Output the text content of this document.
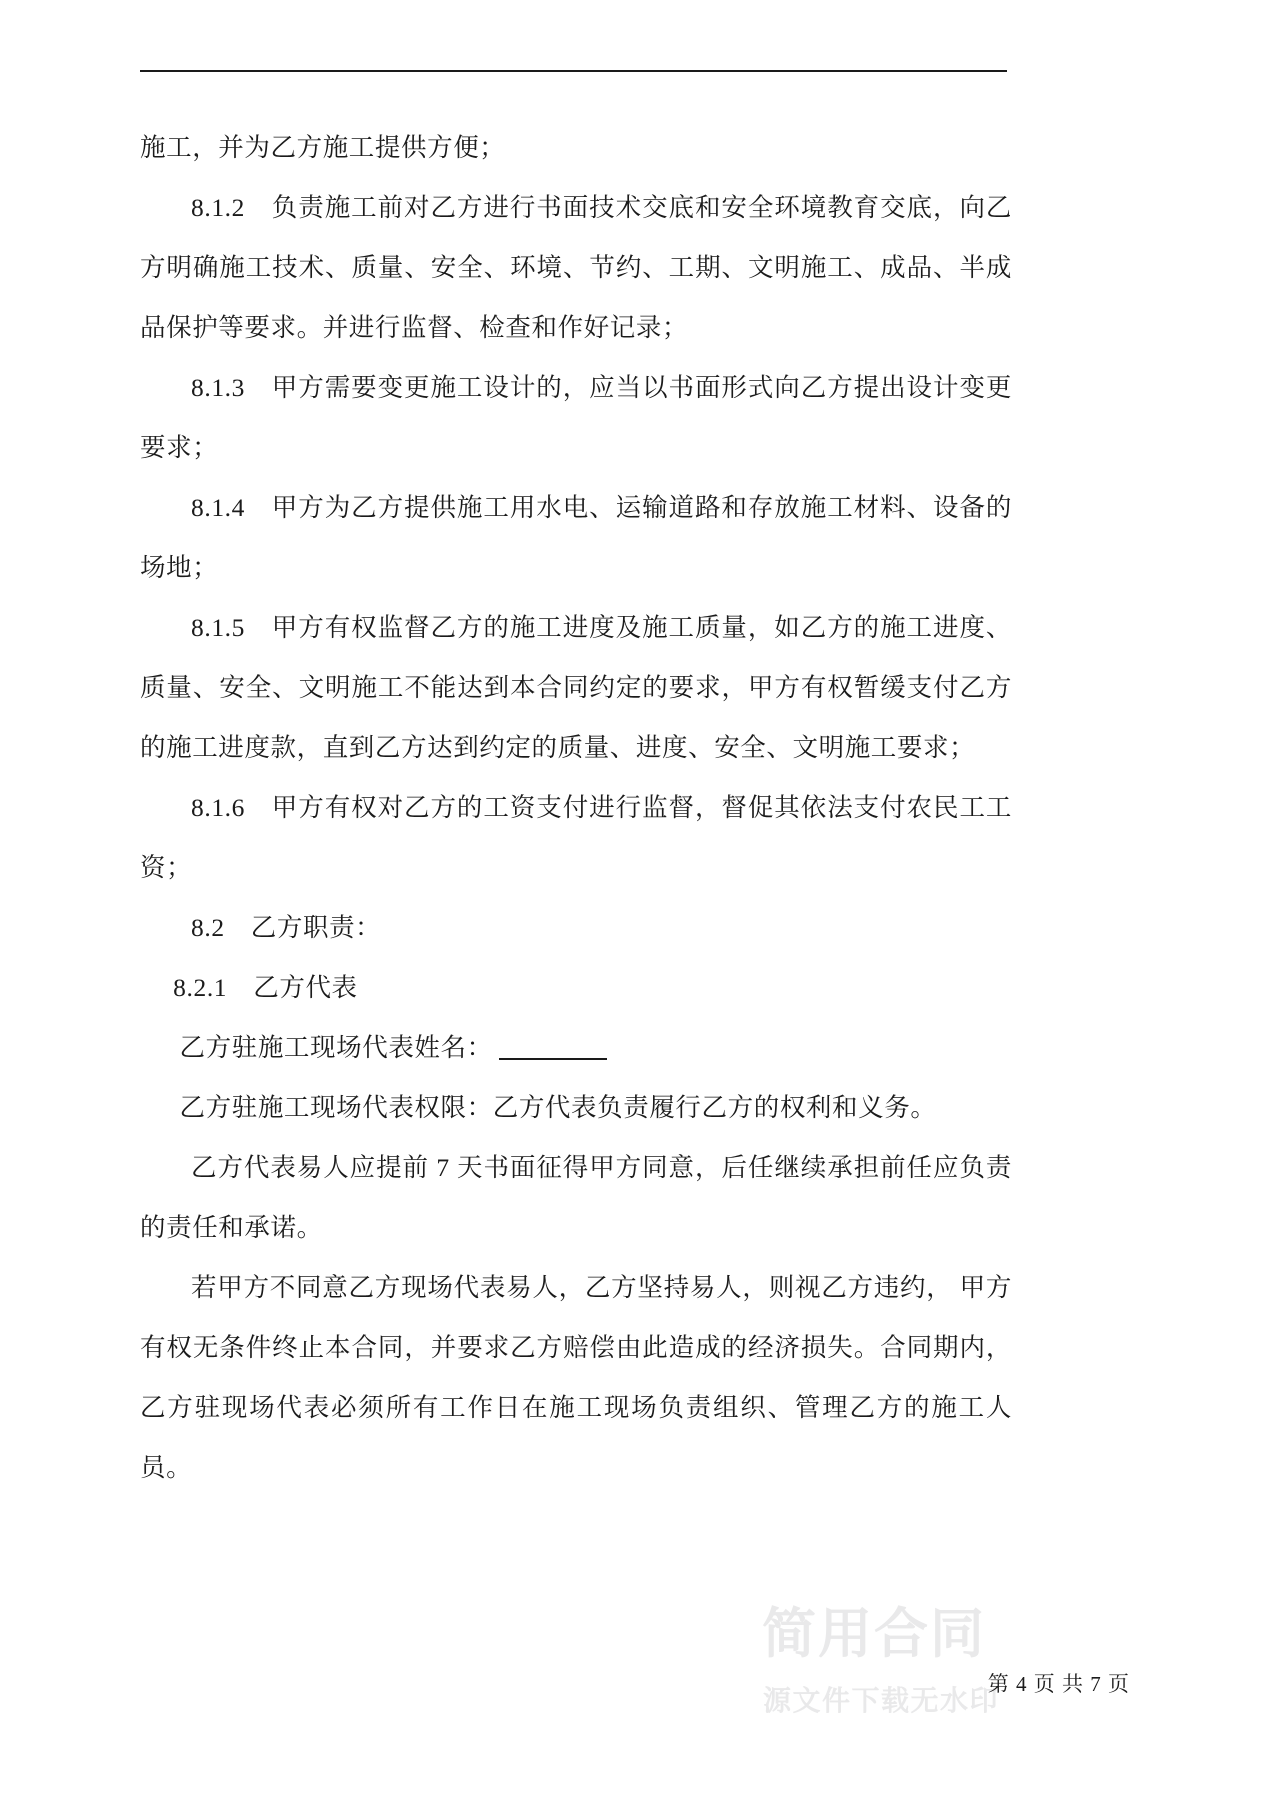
施工，并为乙方施工提供方便；

8.1.2　负责施工前对乙方进行书面技术交底和安全环境教育交底，向乙方明确施工技术、质量、安全、环境、节约、工期、文明施工、成品、半成品保护等要求。并进行监督、检查和作好记录；

8.1.3　甲方需要变更施工设计的，应当以书面形式向乙方提出设计变更要求；

8.1.4　甲方为乙方提供施工用水电、运输道路和存放施工材料、设备的场地；

8.1.5　甲方有权监督乙方的施工进度及施工质量，如乙方的施工进度、质量、安全、文明施工不能达到本合同约定的要求，甲方有权暂缓支付乙方的施工进度款，直到乙方达到约定的质量、进度、安全、文明施工要求；

8.1.6　甲方有权对乙方的工资支付进行监督，督促其依法支付农民工工资；

8.2　乙方职责：

8.2.1　乙方代表

乙方驻施工现场代表姓名：

乙方驻施工现场代表权限：乙方代表负责履行乙方的权利和义务。

乙方代表易人应提前 7 天书面征得甲方同意，后任继续承担前任应负责的责任和承诺。

若甲方不同意乙方现场代表易人，乙方坚持易人，则视乙方违约， 甲方有权无条件终止本合同，并要求乙方赔偿由此造成的经济损失。合同期内，乙方驻现场代表必须所有工作日在施工现场负责组织、管理乙方的施工人员。

简用合同
源文件下载无水印
第 4 页 共 7 页
